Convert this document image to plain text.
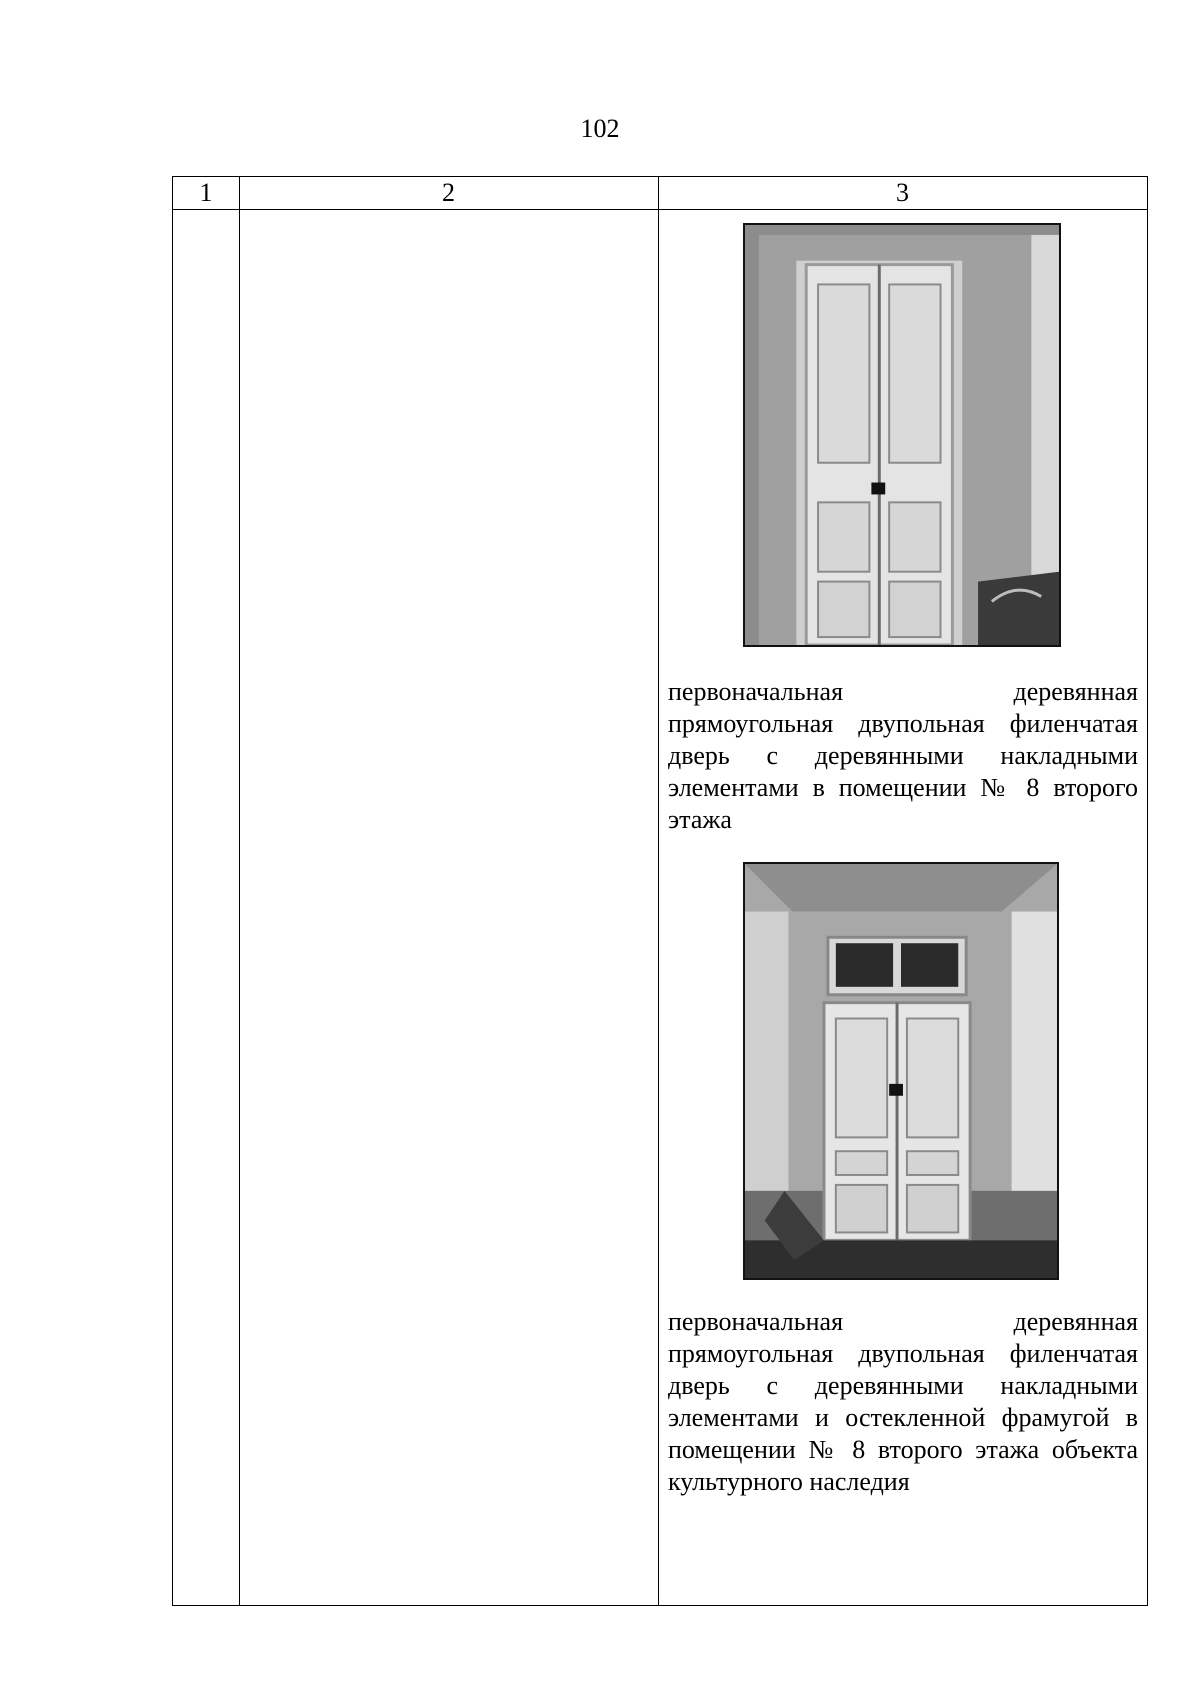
102
1	2	3
первоначальная деревянная прямоугольная двупольная филенчатая дверь с деревянными накладными элементами в помещении № 8 второго этажа
первоначальная деревянная прямоугольная двупольная филенчатая дверь с деревянными накладными элементами и остекленной фрамугой в помещении № 8 второго этажа объекта культурного наследия
